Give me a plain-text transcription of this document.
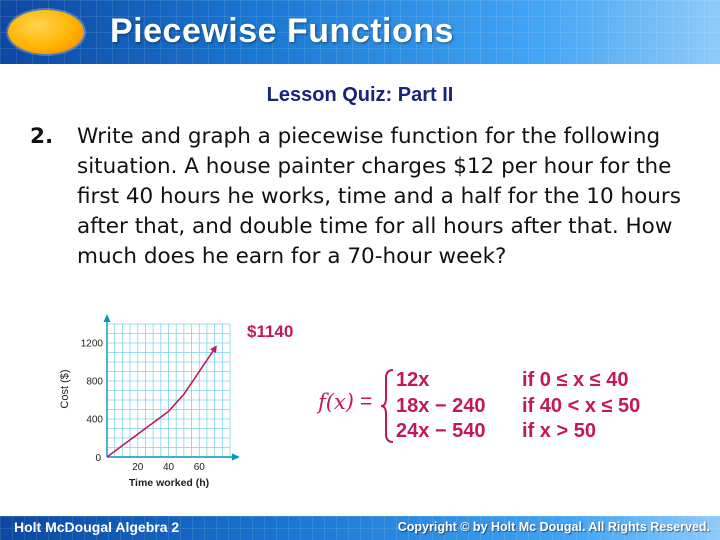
Piecewise Functions
Lesson Quiz: Part II
2.	Write and graph a piecewise function for the following situation. A house painter charges $12 per hour for the first 40 hours he works, time and a half for the 10 hours after that, and double time for all hours after that. How much does he earn for a 70-hour week?
20 40 60
400
800
1200
0
Cost ($)
Time worked (h)
$1140
f(x) =
12x	if 0 ≤ x ≤ 40
18x − 240 if 40 < x ≤ 50
24x − 540 if x > 50
Holt McDougal Algebra 2	Copyright © by Holt Mc Dougal. All Rights Reserved.
